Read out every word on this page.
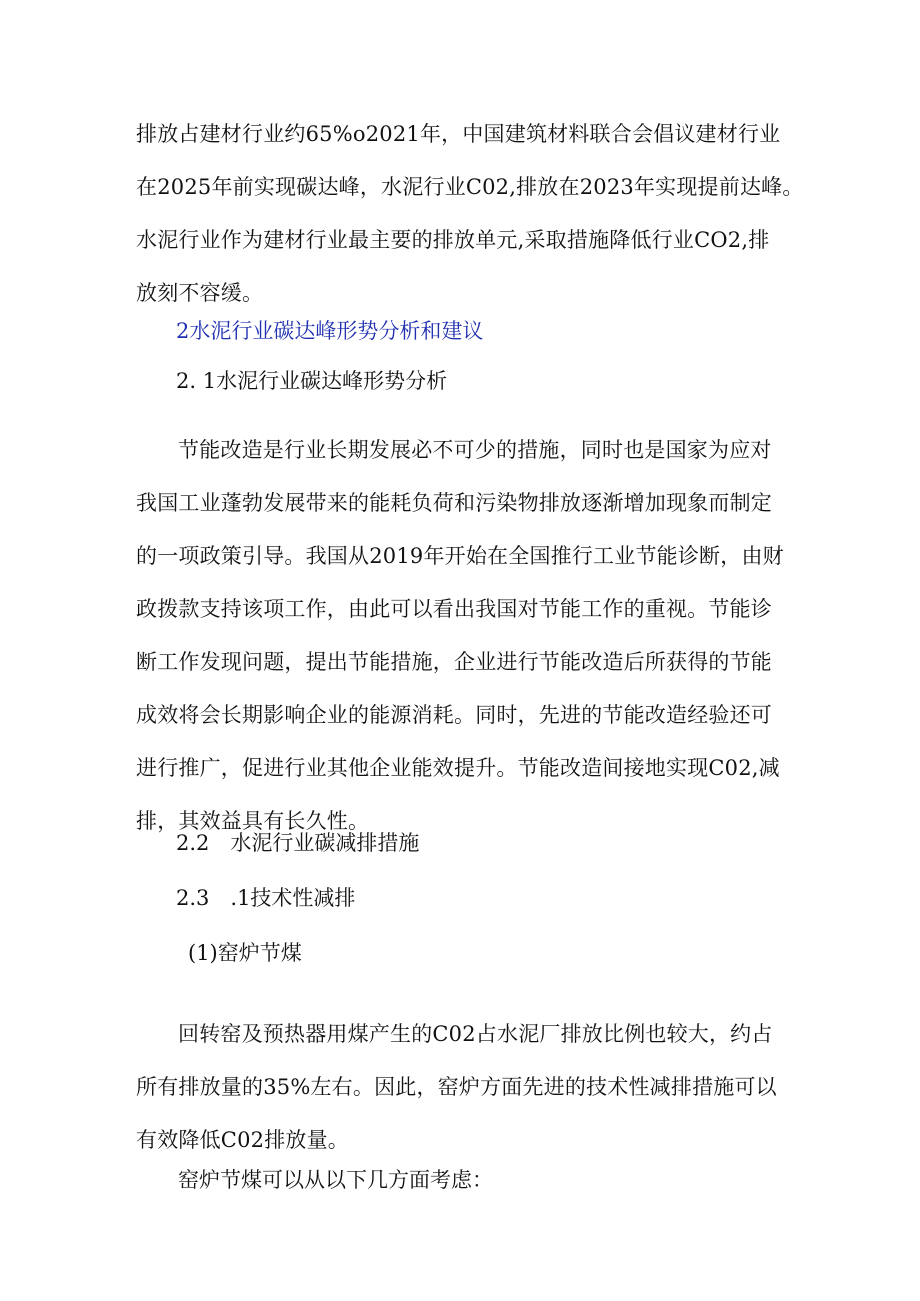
排放占建材行业约65%o2021年，中国建筑材料联合会倡议建材行业
在2025年前实现碳达峰，水泥行业C02,排放在2023年实现提前达峰。
水泥行业作为建材行业最主要的排放单元,采取措施降低行业CO2,排
放刻不容缓。
2水泥行业碳达峰形势分析和建议
2. 1水泥行业碳达峰形势分析
节能改造是行业长期发展必不可少的措施，同时也是国家为应对
我国工业蓬勃发展带来的能耗负荷和污染物排放逐渐增加现象而制定
的一项政策引导。我国从2019年开始在全国推行工业节能诊断，由财
政拨款支持该项工作，由此可以看出我国对节能工作的重视。节能诊
断工作发现问题，提出节能措施，企业进行节能改造后所获得的节能
成效将会长期影响企业的能源消耗。同时，先进的节能改造经验还可
进行推广，促进行业其他企业能效提升。节能改造间接地实现C02,减
排，其效益具有长久性。
2.2　水泥行业碳减排措施
2.3　.1技术性减排
(1)窑炉节煤
回转窑及预热器用煤产生的C02占水泥厂排放比例也较大，约占
所有排放量的35%左右。因此，窑炉方面先进的技术性减排措施可以
有效降低C02排放量。
窑炉节煤可以从以下几方面考虑：
